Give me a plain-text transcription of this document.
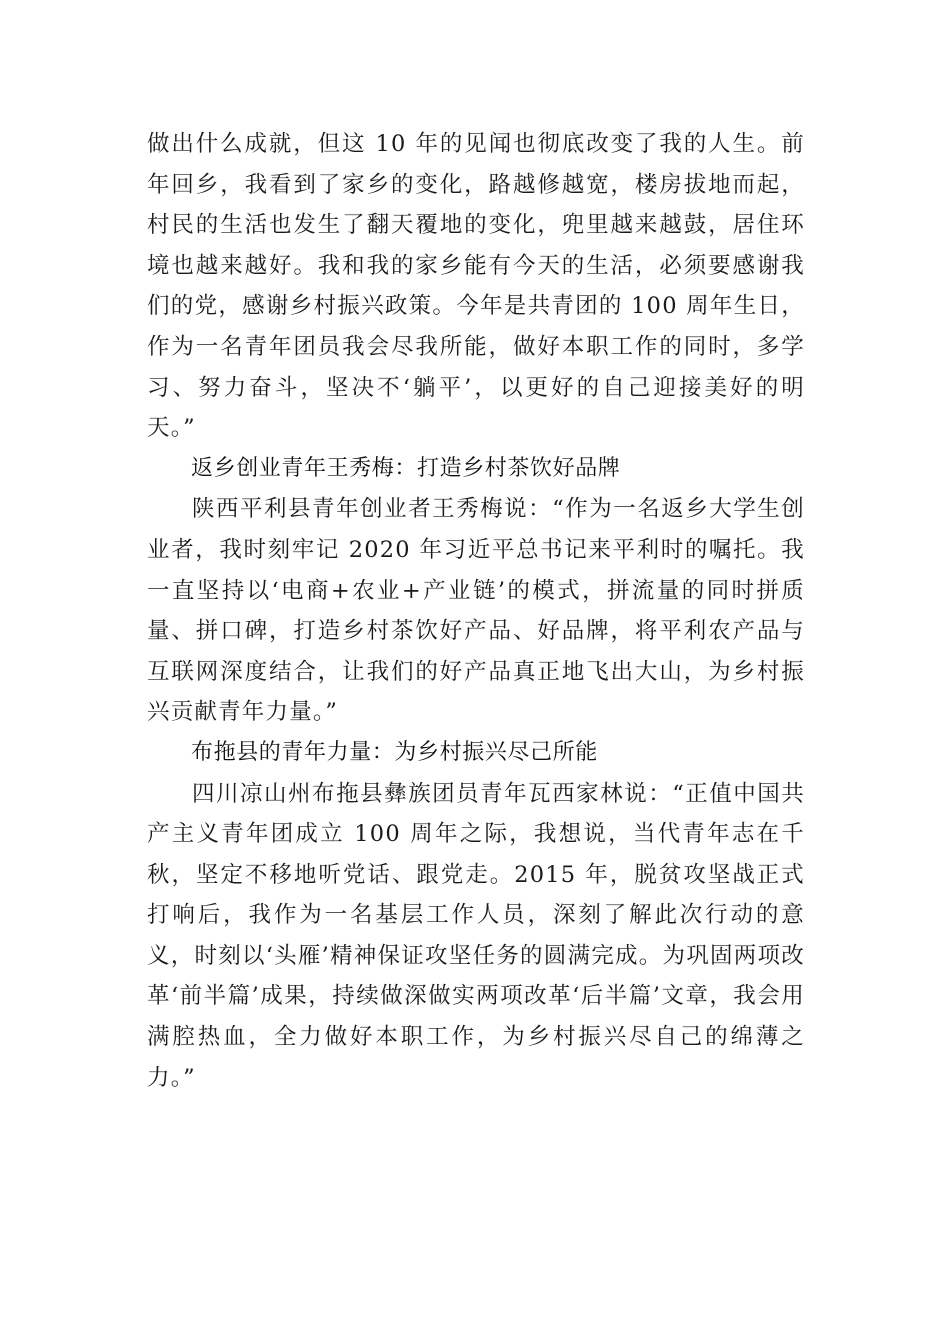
做出什么成就，但这 10 年的见闻也彻底改变了我的人生。前年回乡，我看到了家乡的变化，路越修越宽，楼房拔地而起，村民的生活也发生了翻天覆地的变化，兜里越来越鼓，居住环境也越来越好。我和我的家乡能有今天的生活，必须要感谢我们的党，感谢乡村振兴政策。今年是共青团的 100 周年生日，作为一名青年团员我会尽我所能，做好本职工作的同时，多学习、努力奋斗，坚决不‘躺平’，以更好的自己迎接美好的明天。”

返乡创业青年王秀梅：打造乡村茶饮好品牌

陕西平利县青年创业者王秀梅说：“作为一名返乡大学生创业者，我时刻牢记 2020 年习近平总书记来平利时的嘱托。我一直坚持以‘电商+农业+产业链’的模式，拼流量的同时拼质量、拼口碑，打造乡村茶饮好产品、好品牌，将平利农产品与互联网深度结合，让我们的好产品真正地飞出大山，为乡村振兴贡献青年力量。”

布拖县的青年力量：为乡村振兴尽己所能

四川凉山州布拖县彝族团员青年瓦西家林说：“正值中国共产主义青年团成立 100 周年之际，我想说，当代青年志在千秋，坚定不移地听党话、跟党走。2015 年，脱贫攻坚战正式打响后，我作为一名基层工作人员，深刻了解此次行动的意义，时刻以‘头雁’精神保证攻坚任务的圆满完成。为巩固两项改革‘前半篇’成果，持续做深做实两项改革‘后半篇’文章，我会用满腔热血，全力做好本职工作，为乡村振兴尽自己的绵薄之力。”
